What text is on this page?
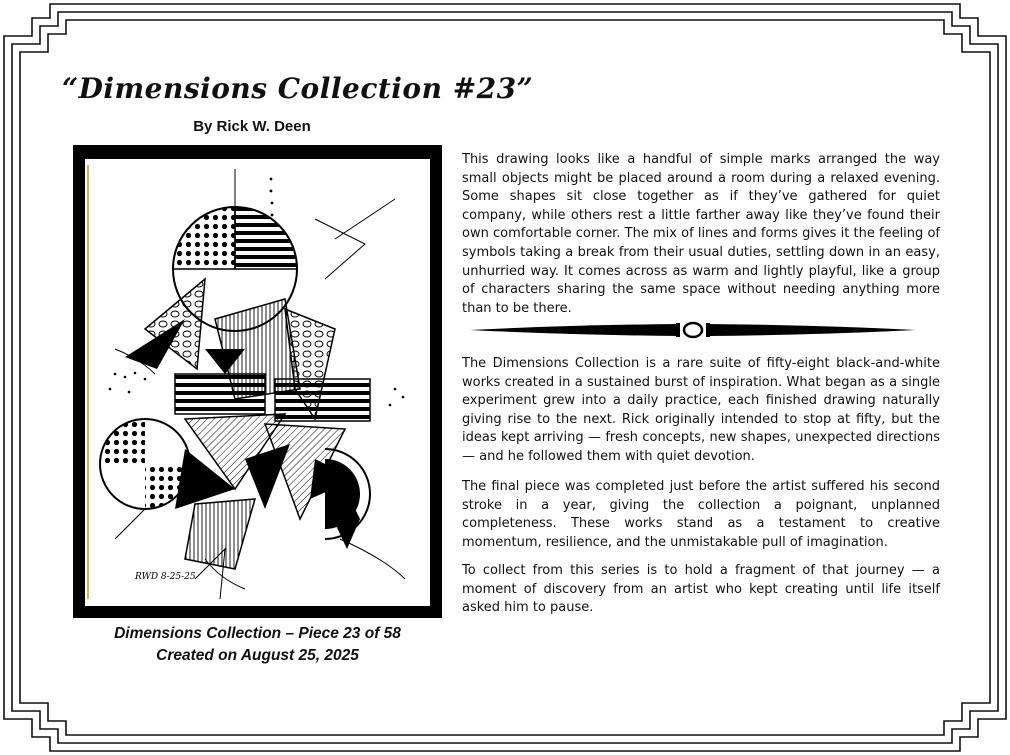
“Dimensions Collection #23”
By Rick W. Deen
RWD 8-25-25
Dimensions Collection – Piece 23 of 58
Created on August 25, 2025

This drawing looks like a handful of simple marks arranged the way small objects might be placed around a room during a relaxed evening. Some shapes sit close together as if they’ve gathered for quiet company, while others rest a little farther away like they’ve found their own comfortable corner. The mix of lines and forms gives it the feeling of symbols taking a break from their usual duties, settling down in an easy, unhurried way. It comes across as warm and lightly playful, like a group of characters sharing the same space without needing anything more than to be there.

The Dimensions Collection is a rare suite of fifty-eight black-and-white works created in a sustained burst of inspiration. What began as a single experiment grew into a daily practice, each finished drawing naturally giving rise to the next. Rick originally intended to stop at fifty, but the ideas kept arriving — fresh concepts, new shapes, unexpected directions — and he followed them with quiet devotion.

The final piece was completed just before the artist suffered his second stroke in a year, giving the collection a poignant, unplanned completeness. These works stand as a testament to creative momentum, resilience, and the unmistakable pull of imagination.

To collect from this series is to hold a fragment of that journey — a moment of discovery from an artist who kept creating until life itself asked him to pause.
